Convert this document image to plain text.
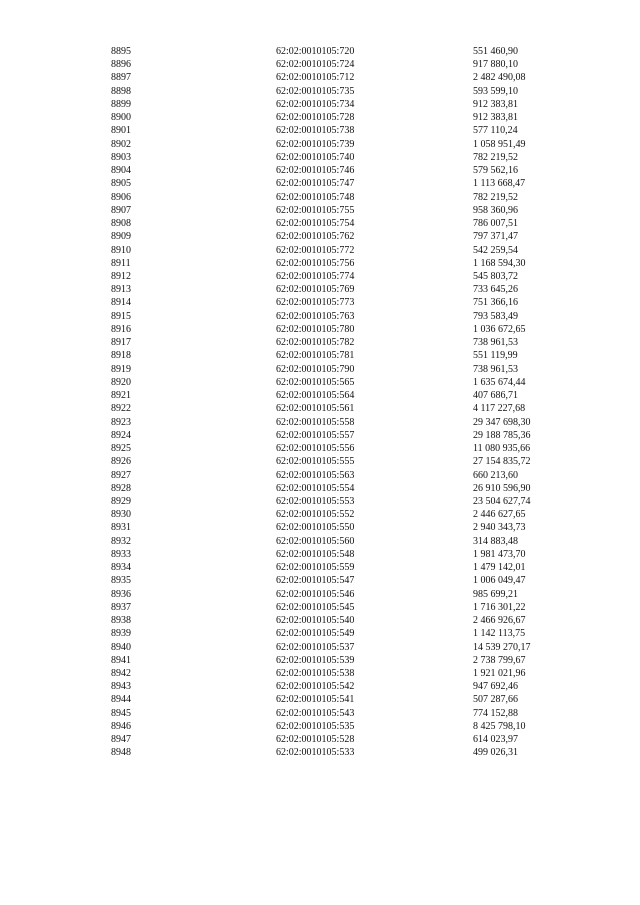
8895	62:02:0010105:720	551 460,90
8896	62:02:0010105:724	917 880,10
8897	62:02:0010105:712	2 482 490,08
8898	62:02:0010105:735	593 599,10
8899	62:02:0010105:734	912 383,81
8900	62:02:0010105:728	912 383,81
8901	62:02:0010105:738	577 110,24
8902	62:02:0010105:739	1 058 951,49
8903	62:02:0010105:740	782 219,52
8904	62:02:0010105:746	579 562,16
8905	62:02:0010105:747	1 113 668,47
8906	62:02:0010105:748	782 219,52
8907	62:02:0010105:755	958 360,96
8908	62:02:0010105:754	786 007,51
8909	62:02:0010105:762	797 371,47
8910	62:02:0010105:772	542 259,54
8911	62:02:0010105:756	1 168 594,30
8912	62:02:0010105:774	545 803,72
8913	62:02:0010105:769	733 645,26
8914	62:02:0010105:773	751 366,16
8915	62:02:0010105:763	793 583,49
8916	62:02:0010105:780	1 036 672,65
8917	62:02:0010105:782	738 961,53
8918	62:02:0010105:781	551 119,99
8919	62:02:0010105:790	738 961,53
8920	62:02:0010105:565	1 635 674,44
8921	62:02:0010105:564	407 686,71
8922	62:02:0010105:561	4 117 227,68
8923	62:02:0010105:558	29 347 698,30
8924	62:02:0010105:557	29 188 785,36
8925	62:02:0010105:556	11 080 935,66
8926	62:02:0010105:555	27 154 835,72
8927	62:02:0010105:563	660 213,60
8928	62:02:0010105:554	26 910 596,90
8929	62:02:0010105:553	23 504 627,74
8930	62:02:0010105:552	2 446 627,65
8931	62:02:0010105:550	2 940 343,73
8932	62:02:0010105:560	314 883,48
8933	62:02:0010105:548	1 981 473,70
8934	62:02:0010105:559	1 479 142,01
8935	62:02:0010105:547	1 006 049,47
8936	62:02:0010105:546	985 699,21
8937	62:02:0010105:545	1 716 301,22
8938	62:02:0010105:540	2 466 926,67
8939	62:02:0010105:549	1 142 113,75
8940	62:02:0010105:537	14 539 270,17
8941	62:02:0010105:539	2 738 799,67
8942	62:02:0010105:538	1 921 021,96
8943	62:02:0010105:542	947 692,46
8944	62:02:0010105:541	507 287,66
8945	62:02:0010105:543	774 152,88
8946	62:02:0010105:535	8 425 798,10
8947	62:02:0010105:528	614 023,97
8948	62:02:0010105:533	499 026,31
